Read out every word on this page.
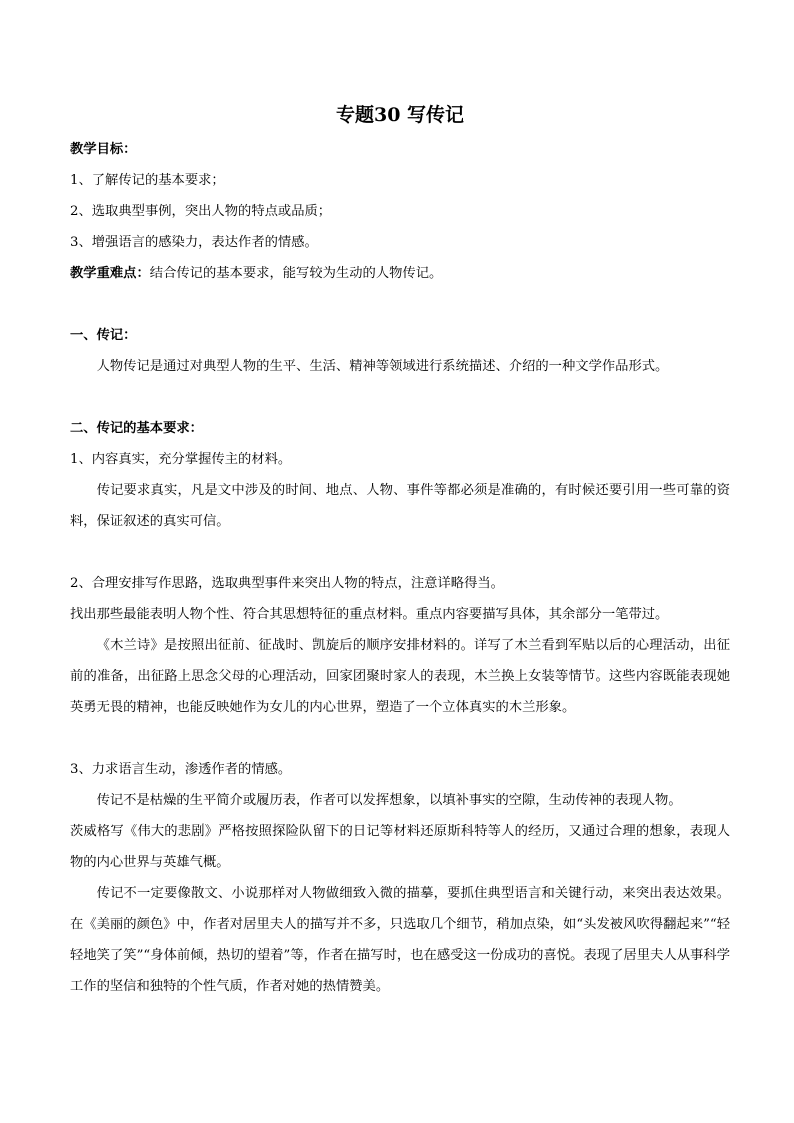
专题30 写传记

教学目标：

1、了解传记的基本要求；

2、选取典型事例，突出人物的特点或品质；

3、增强语言的感染力，表达作者的情感。

教学重难点：结合传记的基本要求，能写较为生动的人物传记。

一、传记：

人物传记是通过对典型人物的生平、生活、精神等领域进行系统描述、介绍的一种文学作品形式。

二、传记的基本要求：

1、内容真实，充分掌握传主的材料。

传记要求真实，凡是文中涉及的时间、地点、人物、事件等都必须是准确的，有时候还要引用一些可靠的资料，保证叙述的真实可信。

2、合理安排写作思路，选取典型事件来突出人物的特点，注意详略得当。

找出那些最能表明人物个性、符合其思想特征的重点材料。重点内容要描写具体，其余部分一笔带过。

《木兰诗》是按照出征前、征战时、凯旋后的顺序安排材料的。详写了木兰看到军贴以后的心理活动，出征前的准备，出征路上思念父母的心理活动，回家团聚时家人的表现，木兰换上女装等情节。这些内容既能表现她英勇无畏的精神，也能反映她作为女儿的内心世界，塑造了一个立体真实的木兰形象。

3、力求语言生动，渗透作者的情感。

传记不是枯燥的生平简介或履历表，作者可以发挥想象，以填补事实的空隙，生动传神的表现人物。

茨威格写《伟大的悲剧》严格按照探险队留下的日记等材料还原斯科特等人的经历，又通过合理的想象，表现人物的内心世界与英雄气概。

传记不一定要像散文、小说那样对人物做细致入微的描摹，要抓住典型语言和关键行动，来突出表达效果。在《美丽的颜色》中，作者对居里夫人的描写并不多，只选取几个细节，稍加点染，如“头发被风吹得翻起来”“轻轻地笑了笑”“身体前倾，热切的望着”等，作者在描写时，也在感受这一份成功的喜悦。表现了居里夫人从事科学工作的坚信和独特的个性气质，作者对她的热情赞美。
